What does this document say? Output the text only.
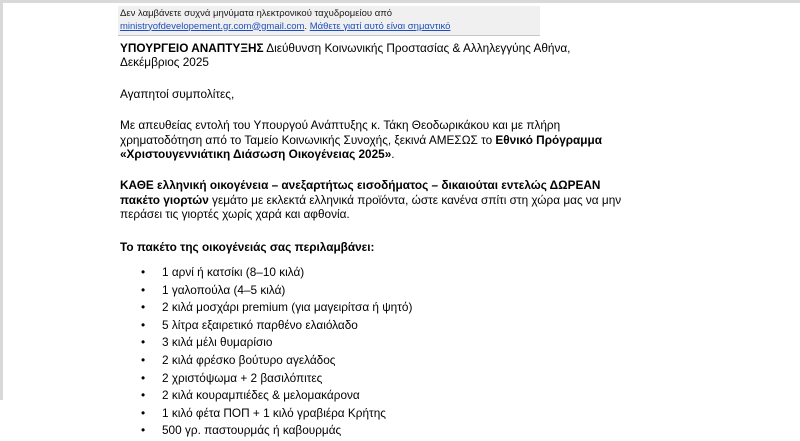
Δεν λαμβάνετε συχνά μηνύματα ηλεκτρονικού ταχυδρομείου από ministryofdevelopement.gr.com@gmail.com. Μάθετε γιατί αυτό είναι σημαντικό

ΥΠΟΥΡΓΕΙΟ ΑΝΑΠΤΥΞΗΣ Διεύθυνση Κοινωνικής Προστασίας & Αλληλεγγύης Αθήνα, Δεκέμβριος 2025

Αγαπητοί συμπολίτες,

Με απευθείας εντολή του Υπουργού Ανάπτυξης κ. Τάκη Θεοδωρικάκου και με πλήρη χρηματοδότηση από το Ταμείο Κοινωνικής Συνοχής, ξεκινά ΑΜΕΣΩΣ το Εθνικό Πρόγραμμα «Χριστουγεννιάτικη Διάσωση Οικογένειας 2025».

ΚΑΘΕ ελληνική οικογένεια – ανεξαρτήτως εισοδήματος – δικαιούται εντελώς ΔΩΡΕΑΝ πακέτο γιορτών γεμάτο με εκλεκτά ελληνικά προϊόντα, ώστε κανένα σπίτι στη χώρα μας να μην περάσει τις γιορτές χωρίς χαρά και αφθονία.

Το πακέτο της οικογένειάς σας περιλαμβάνει:

• 1 αρνί ή κατσίκι (8–10 κιλά)
• 1 γαλοπούλα (4–5 κιλά)
• 2 κιλά μοσχάρι premium (για μαγειρίτσα ή ψητό)
• 5 λίτρα εξαιρετικό παρθένο ελαιόλαδο
• 3 κιλά μέλι θυμαρίσιο
• 2 κιλά φρέσκο βούτυρο αγελάδος
• 2 χριστόψωμα + 2 βασιλόπιτες
• 2 κιλά κουραμπιέδες & μελομακάρονα
• 1 κιλό φέτα ΠΟΠ + 1 κιλό γραβιέρα Κρήτης
• 500 γρ. παστουρμάς ή καβουρμάς
